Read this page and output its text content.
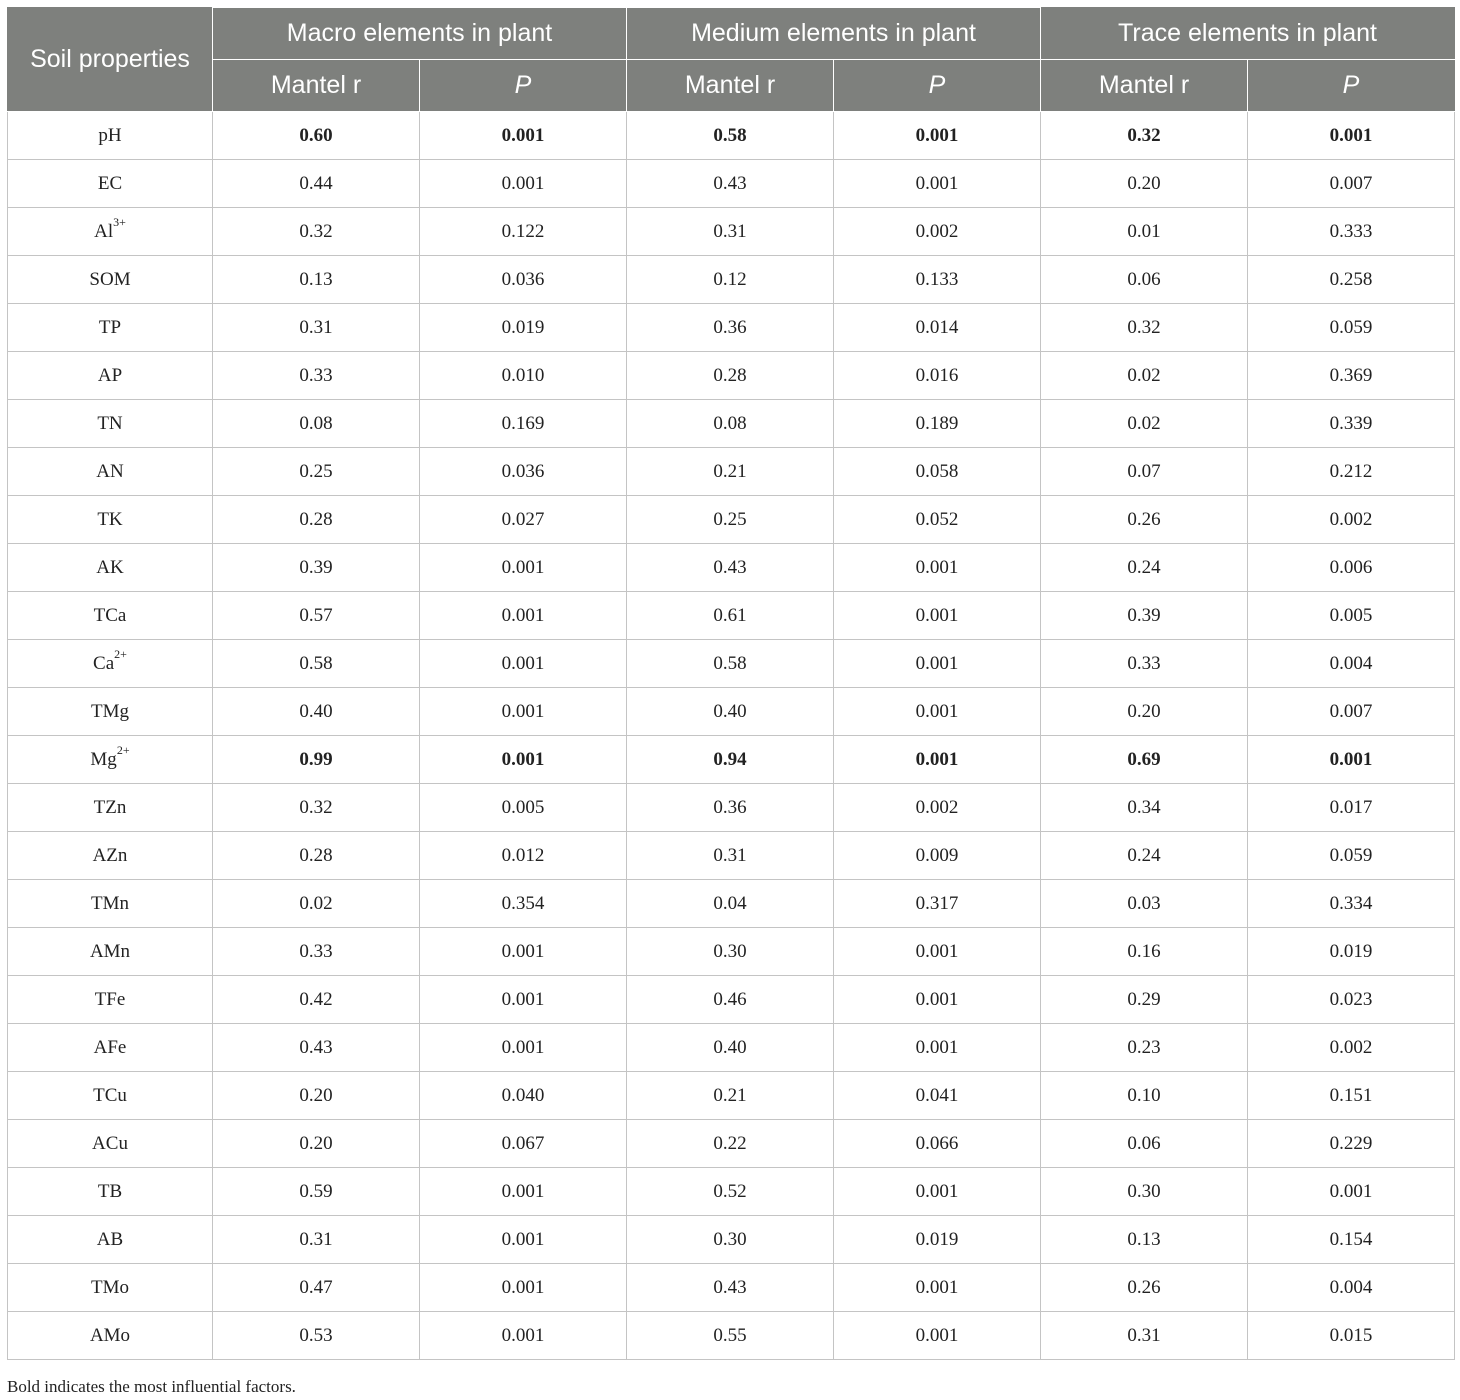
Soil properties	Macro elements in plant		Medium elements in plant		Trace elements in plant	
	Mantel r	P	Mantel r	P	Mantel r	P
pH	0.60	0.001	0.58	0.001	0.32	0.001
EC	0.44	0.001	0.43	0.001	0.20	0.007
$Al^{3+}$	0.32	0.122	0.31	0.002	0.01	0.333
SOM	0.13	0.036	0.12	0.133	0.06	0.258
TP	0.31	0.019	0.36	0.014	0.32	0.059
AP	0.33	0.010	0.28	0.016	0.02	0.369
TN	0.08	0.169	0.08	0.189	0.02	0.339
AN	0.25	0.036	0.21	0.058	0.07	0.212
TK	0.28	0.027	0.25	0.052	0.26	0.002
AK	0.39	0.001	0.43	0.001	0.24	0.006
TCa	0.57	0.001	0.61	0.001	0.39	0.005
$Ca^{2+}$	0.58	0.001	0.58	0.001	0.33	0.004
TMg	0.40	0.001	0.40	0.001	0.20	0.007
$Mg^{2+}$	0.99	0.001	0.94	0.001	0.69	0.001
TZn	0.32	0.005	0.36	0.002	0.34	0.017
AZn	0.28	0.012	0.31	0.009	0.24	0.059
TMn	0.02	0.354	0.04	0.317	0.03	0.334
AMn	0.33	0.001	0.30	0.001	0.16	0.019
TFe	0.42	0.001	0.46	0.001	0.29	0.023
AFe	0.43	0.001	0.40	0.001	0.23	0.002
TCu	0.20	0.040	0.21	0.041	0.10	0.151
ACu	0.20	0.067	0.22	0.066	0.06	0.229
TB	0.59	0.001	0.52	0.001	0.30	0.001
AB	0.31	0.001	0.30	0.019	0.13	0.154
TMo	0.47	0.001	0.43	0.001	0.26	0.004
AMo	0.53	0.001	0.55	0.001	0.31	0.015
Bold indicates the most influential factors.
